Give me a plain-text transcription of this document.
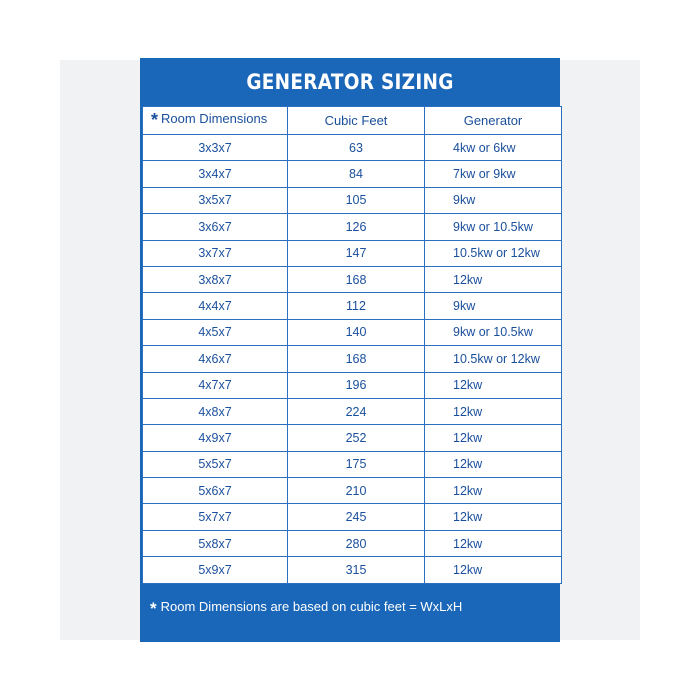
GENERATOR SIZING
* Room Dimensions	Cubic Feet	Generator
3x3x7	63	4kw or 6kw
3x4x7	84	7kw or 9kw
3x5x7	105	9kw
3x6x7	126	9kw or 10.5kw
3x7x7	147	10.5kw or 12kw
3x8x7	168	12kw
4x4x7	112	9kw
4x5x7	140	9kw or 10.5kw
4x6x7	168	10.5kw or 12kw
4x7x7	196	12kw
4x8x7	224	12kw
4x9x7	252	12kw
5x5x7	175	12kw
5x6x7	210	12kw
5x7x7	245	12kw
5x8x7	280	12kw
5x9x7	315	12kw
* Room Dimensions are based on cubic feet = WxLxH
